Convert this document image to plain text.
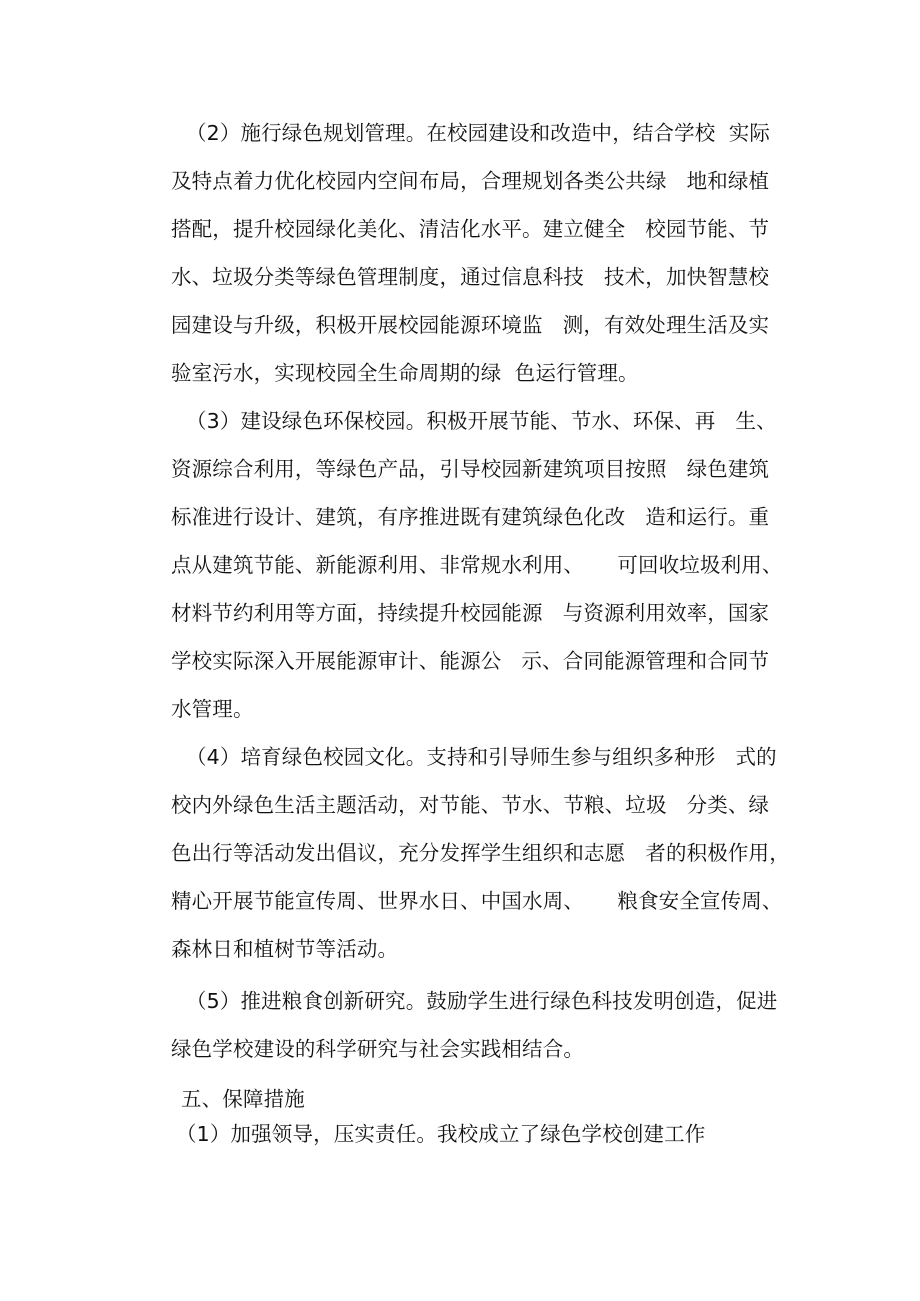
（2）施行绿色规划管理。在校园建设和改造中，结合学校  实际
及特点着力优化校园内空间布局，合理规划各类公共绿   地和绿植
搭配，提升校园绿化美化、清洁化水平。建立健全   校园节能、节
水、垃圾分类等绿色管理制度，通过信息科技   技术，加快智慧校
园建设与升级，积极开展校园能源环境监   测，有效处理生活及实
验室污水，实现校园全生命周期的绿  色运行管理。
（3）建设绿色环保校园。积极开展节能、节水、环保、再   生、
资源综合利用，等绿色产品，引导校园新建筑项目按照   绿色建筑
标准进行设计、建筑，有序推进既有建筑绿色化改   造和运行。重
点从建筑节能、新能源利用、非常规水利用、     可回收垃圾利用、
材料节约利用等方面，持续提升校园能源   与资源利用效率，国家
学校实际深入开展能源审计、能源公   示、合同能源管理和合同节
水管理。
（4）培育绿色校园文化。支持和引导师生参与组织多种形   式的
校内外绿色生活主题活动，对节能、节水、节粮、垃圾   分类、绿
色出行等活动发出倡议，充分发挥学生组织和志愿   者的积极作用，
精心开展节能宣传周、世界水日、中国水周、     粮食安全宣传周、
森林日和植树节等活动。
（5）推进粮食创新研究。鼓励学生进行绿色科技发明创造，促进
绿色学校建设的科学研究与社会实践相结合。
五、保障措施
（1）加强领导，压实责任。我校成立了绿色学校创建工作
